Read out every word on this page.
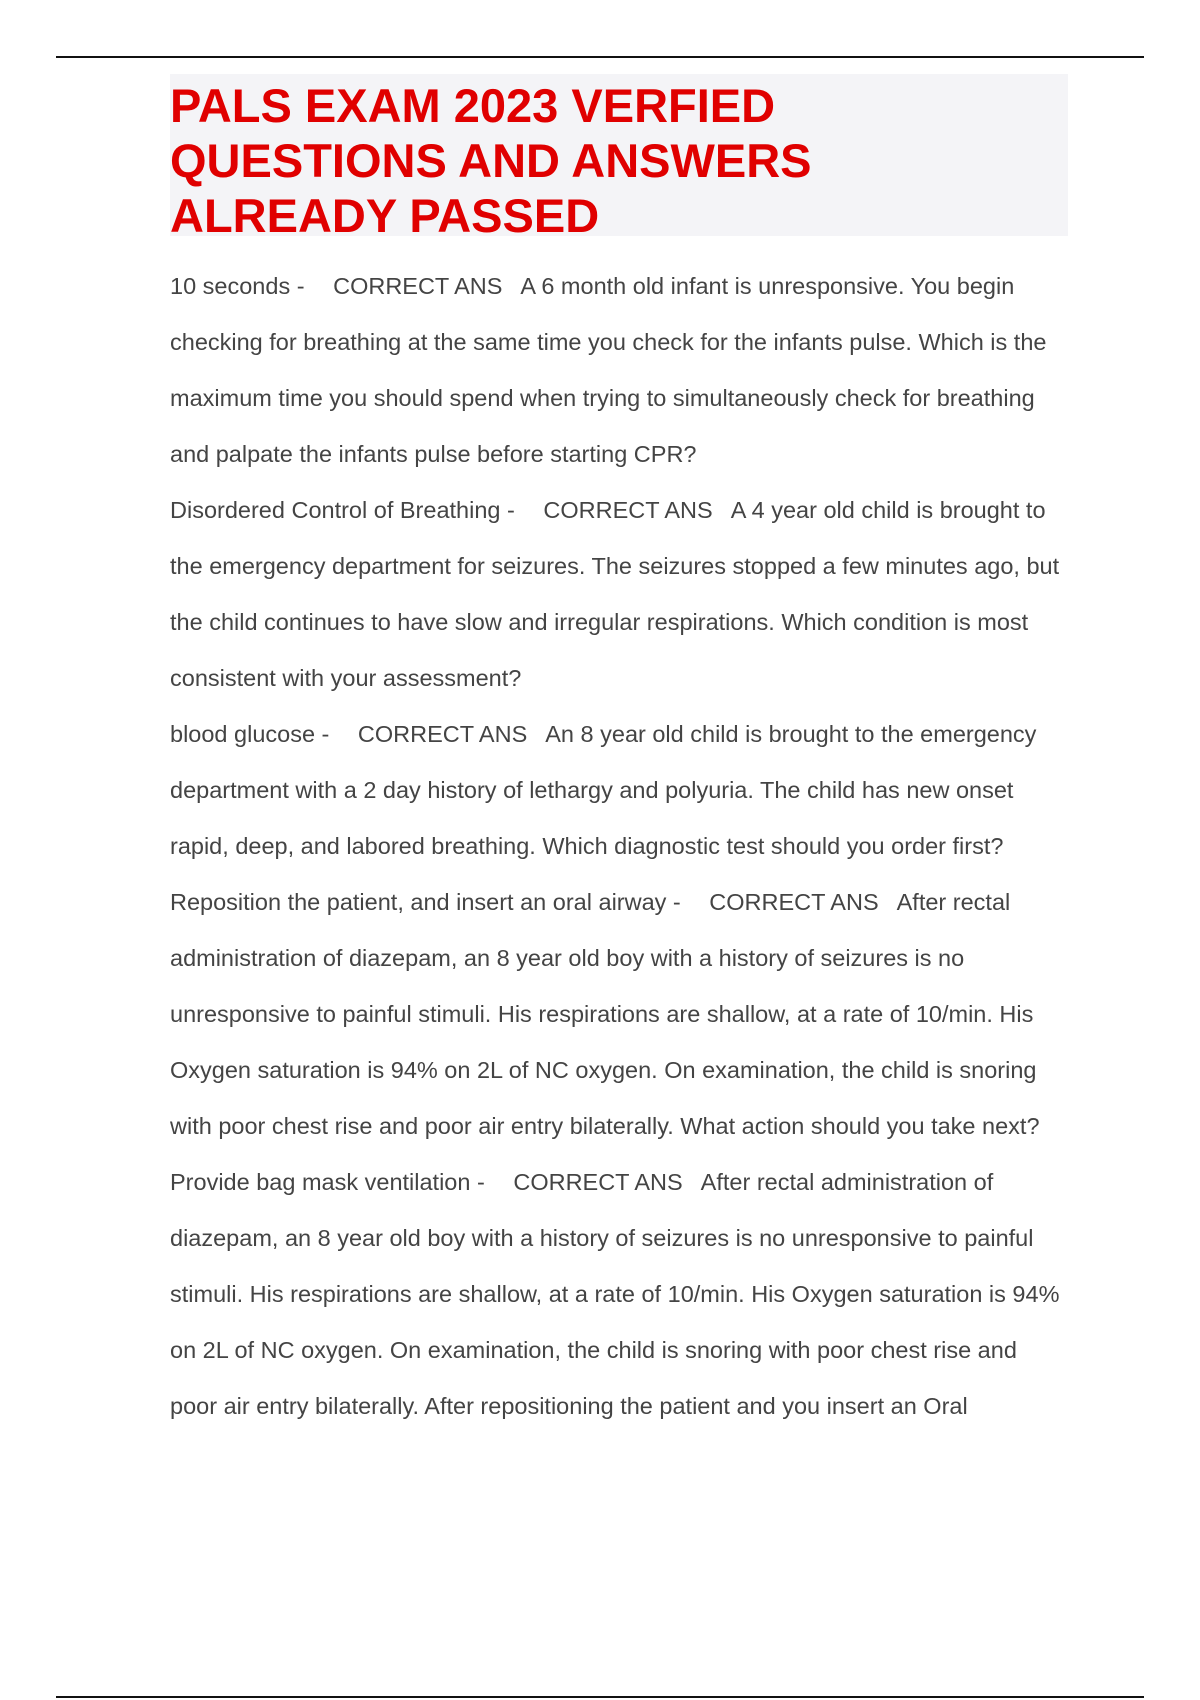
PALS EXAM 2023 VERFIED
QUESTIONS AND ANSWERS
ALREADY PASSED

10 seconds - CORRECT ANS A 6 month old infant is unresponsive. You begin checking for breathing at the same time you check for the infants pulse. Which is the maximum time you should spend when trying to simultaneously check for breathing and palpate the infants pulse before starting CPR?

Disordered Control of Breathing - CORRECT ANS A 4 year old child is brought to the emergency department for seizures. The seizures stopped a few minutes ago, but the child continues to have slow and irregular respirations. Which condition is most consistent with your assessment?

blood glucose - CORRECT ANS An 8 year old child is brought to the emergency department with a 2 day history of lethargy and polyuria. The child has new onset rapid, deep, and labored breathing. Which diagnostic test should you order first?

Reposition the patient, and insert an oral airway - CORRECT ANS After rectal administration of diazepam, an 8 year old boy with a history of seizures is no unresponsive to painful stimuli. His respirations are shallow, at a rate of 10/min. His Oxygen saturation is 94% on 2L of NC oxygen. On examination, the child is snoring with poor chest rise and poor air entry bilaterally. What action should you take next?

Provide bag mask ventilation - CORRECT ANS After rectal administration of diazepam, an 8 year old boy with a history of seizures is no unresponsive to painful stimuli. His respirations are shallow, at a rate of 10/min. His Oxygen saturation is 94% on 2L of NC oxygen. On examination, the child is snoring with poor chest rise and poor air entry bilaterally. After repositioning the patient and you insert an Oral
